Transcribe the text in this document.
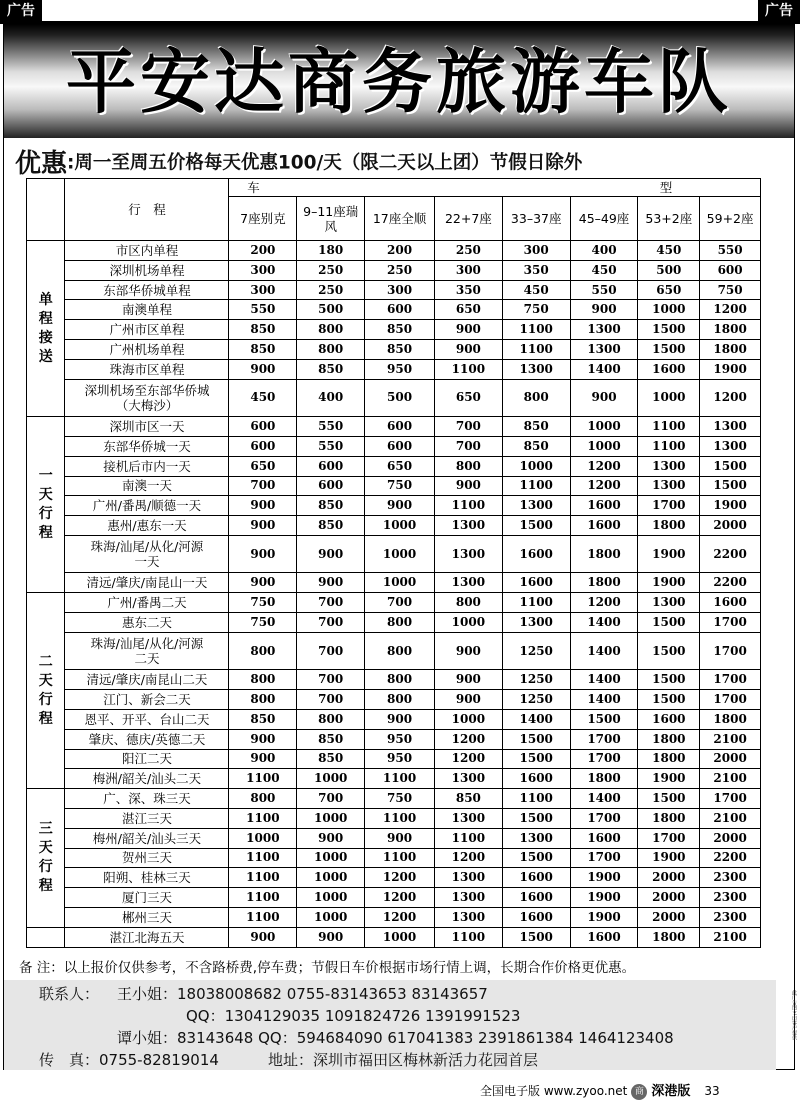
广告	广告
平安达商务旅游车队
优惠:周一至周五价格每天优惠100/天（限二天以上团）节假日除外
	行　程	车　　　　型							
		7座别克	9–11座瑞风	17座全顺	22+7座	33–37座	45–49座	53+2座	59+2座
单
程
接
送	市区内单程	200	180	200	250	300	400	450	550
	深圳机场单程	300	250	250	300	350	450	500	600
	东部华侨城单程	300	250	300	350	450	550	650	750
	南澳单程	550	500	600	650	750	900	1000	1200
	广州市区单程	850	800	850	900	1100	1300	1500	1800
	广州机场单程	850	800	850	900	1100	1300	1500	1800
	珠海市区单程	900	850	950	1100	1300	1400	1600	1900
	深圳机场至东部华侨城
（大梅沙）	450	400	500	650	800	900	1000	1200
一
天
行
程	深圳市区一天	600	550	600	700	850	1000	1100	1300
	东部华侨城一天	600	550	600	700	850	1000	1100	1300
	接机后市内一天	650	600	650	800	1000	1200	1300	1500
	南澳一天	700	600	750	900	1100	1200	1300	1500
	广州/番禺/顺德一天	900	850	900	1100	1300	1600	1700	1900
	惠州/惠东一天	900	850	1000	1300	1500	1600	1800	2000
	珠海/汕尾/从化/河源
一天	900	900	1000	1300	1600	1800	1900	2200
	清远/肇庆/南昆山一天	900	900	1000	1300	1600	1800	1900	2200
二
天
行
程	广州/番禺二天	750	700	700	800	1100	1200	1300	1600
	惠东二天	750	700	800	1000	1300	1400	1500	1700
	珠海/汕尾/从化/河源
二天	800	700	800	900	1250	1400	1500	1700
	清远/肇庆/南昆山二天	800	700	800	900	1250	1400	1500	1700
	江门、新会二天	800	700	800	900	1250	1400	1500	1700
	恩平、开平、台山二天	850	800	900	1000	1400	1500	1600	1800
	肇庆、德庆/英德二天	900	850	950	1200	1500	1700	1800	2100
	阳江二天	900	850	950	1200	1500	1700	1800	2000
	梅洲/韶关/汕头二天	1100	1000	1100	1300	1600	1800	1900	2100
三
天
行
程	广、深、珠三天	800	700	750	850	1100	1400	1500	1700
	湛江三天	1100	1000	1100	1300	1500	1700	1800	2100
	梅州/韶关/汕头三天	1000	900	900	1100	1300	1600	1700	2000
	贺州三天	1100	1000	1100	1200	1500	1700	1900	2200
	阳朔、桂林三天	1100	1000	1200	1300	1600	1900	2000	2300
	厦门三天	1100	1000	1200	1300	1600	1900	2000	2300
	郴州三天	1100	1000	1200	1300	1600	1900	2000	2300
	湛江北海五天	900	900	1000	1100	1500	1600	1800	2100
备 注：以上报价仅供参考，不含路桥费,停车费；节假日车价根据市场行情上调，长期合作价格更优惠。
联系人： 王小姐：18038008682 0755-83143653 83143657
QQ：1304129035 1091824726 1391991523
谭小姐：83143648 QQ：594684090 617041383 2391861384 1464123408
传　真：0755-82819014	地址：深圳市福田区梅林新活力花园首层
此广告图文由客户提供
全国电子版 www.zyoo.net 商 深港版 33
